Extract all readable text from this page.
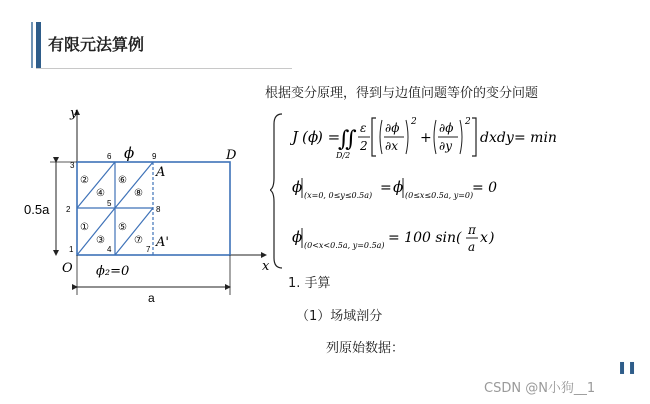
有限元法算例
根据变分原理，得到与边值问题等价的变分问题
J ( ϕ
) =
∬
D/2
ε
2
∂ϕ
∂x
2
+
∂ϕ
∂y
2
dxdy = min
ϕ (x=0, 0≤y≤0.5a) = ϕ (0≤x≤0.5a, y=0)
= 0
ϕ (0<x<0.5a, y=0.5a) = 100 sin( π
a
x )
1. 手算
（1）场域剖分
列原始数据：
❚❚
CSDN @N小狗__1
0.5a
a
y
x
O
D
A
A'
ϕ
ϕ₂=0
1
2
3
4
5
6
7
8
9
①
②
③
④
⑤
⑥
⑦
⑧
